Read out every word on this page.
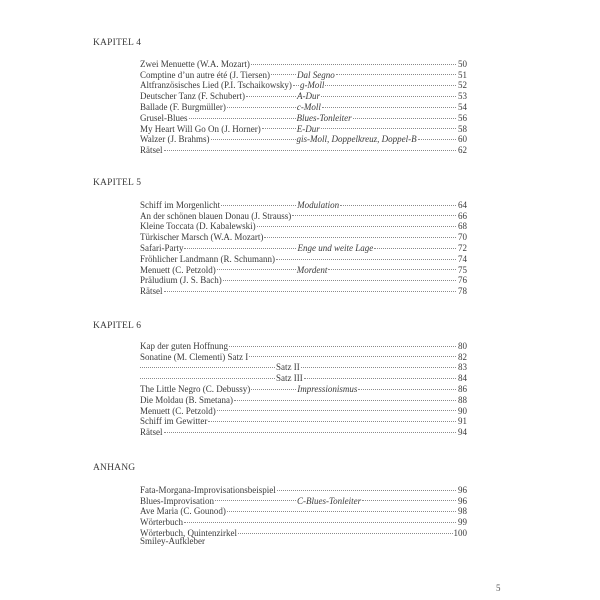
KAPITEL 4
Zwei Menuette (W.A. Mozart)	50
Comptine d’un autre été (J. Tiersen)	Dal Segno	51
Altfranzösisches Lied (P.I. Tschaikowsky) g-Moll	52
Deutscher Tanz (F. Schubert)	A-Dur	53
Ballade (F. Burgmüller)	c-Moll	54
Grusel-Blues	Blues-Tonleiter	56
My Heart Will Go On (J. Horner)	E-Dur	58
Walzer (J. Brahms)	gis-Moll, Doppelkreuz, Doppel-B	60
Rätsel	62
KAPITEL 5
Schiff im Morgenlicht	Modulation	64
An der schönen blauen Donau (J. Strauss)	66
Kleine Toccata (D. Kabalewski)	68
Türkischer Marsch (W.A. Mozart)	70
Safari-Party	Enge und weite Lage	72
Fröhlicher Landmann (R. Schumann)	74
Menuett (C. Petzold)	Mordent	75
Präludium (J. S. Bach)	76
Rätsel	78
KAPITEL 6
Kap der guten Hoffnung	80
Sonatine (M. Clementi) Satz I	82
Satz II	83
Satz III	84
The Little Negro (C. Debussy)	Impressionismus	86
Die Moldau (B. Smetana)	88
Menuett (C. Petzold)	90
Schiff im Gewitter	91
Rätsel	94
ANHANG
Fata-Morgana-Improvisationsbeispiel	96
Blues-Improvisation	C-Blues-Tonleiter	96
Ave Maria (C. Gounod)	98
Wörterbuch	99
Wörterbuch, Quintenzirkel	100
Smiley-Aufkleber
5
